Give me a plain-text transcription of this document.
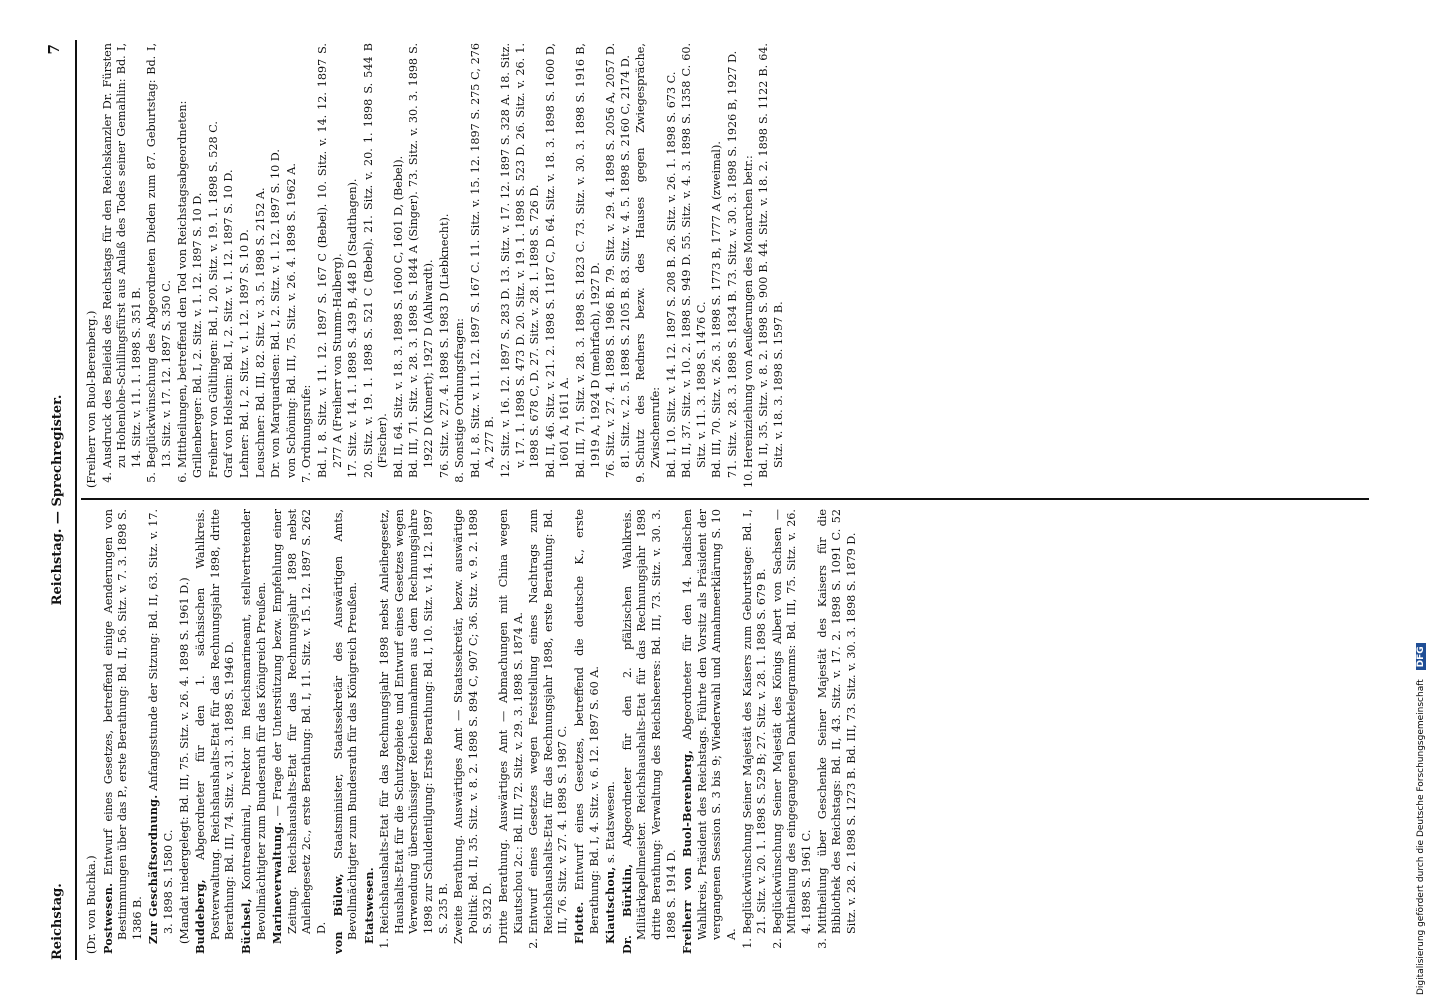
Reichstag.
Reichstag. — Sprechregister.
7
(Dr. von Buchka.) Postwesen. Entwurf eines Gesetzes, betreffend einige Aenderungen von Bestimmungen über das P., erste Berathung: Bd. II, 56. Sitz. v. 7. 3. 1898 S. 1386 B. Zur Geschäftsordnung. Anfangsstunde der Sitzung: Bd. II, 63. Sitz. v. 17. 3. 1898 S. 1580 C. (Mandat niedergelegt: Bd. III, 75. Sitz. v. 26. 4. 1898 S. 1961 D.) Buddeberg, Abgeordneter für den 1. sächsischen Wahlkreis. Postverwaltung. Reichshaushalts-Etat für das Rechnungsjahr 1898, dritte Berathung: Bd. III, 74. Sitz. v. 31. 3. 1898 S. 1946 D. Büchsel, Kontreadmiral, Direktor im Reichsmarineamt, stellvertretender Bevollmächtigter zum Bundesrath für das Königreich Preußen. Marineverwaltung. — Frage der Unterstützung bezw. Empfehlung einer Zeitung. Reichshaushalts-Etat für das Rechnungsjahr 1898 nebst Anleihegesetz 2c., erste Berathung: Bd. I, 11. Sitz. v. 15. 12. 1897 S. 262 D. von Bülow, Staatsminister, Staatssekretär des Auswärtigen Amts, Bevollmächtigter zum Bundesrath für das Königreich Preußen. Etatswesen. 1.
Reichshaushalts-Etat für das Rechnungsjahr 1898 nebst Anleihegesetz, Haushalts-Etat für die Schutzgebiete und Entwurf eines Gesetzes wegen Verwendung überschüssiger Reichseinnahmen aus dem Rechnungsjahre 1898 zur Schuldentilgung: Erste Berathung: Bd. I, 10. Sitz. v. 14. 12. 1897 S. 235 B. Zweite Berathung. Auswärtiges Amt — Staatssekretär, bezw. auswärtige Politik: Bd. II, 35. Sitz. v. 8. 2. 1898 S. 894 C, 907 C; 36. Sitz. v. 9. 2. 1898 S. 932 D. Dritte Berathung. Auswärtiges Amt — Abmachungen mit China wegen Kiautschou 2c.: Bd. III, 72. Sitz. v. 29. 3. 1898 S. 1874 A.
2.
Entwurf eines Gesetzes wegen Feststellung eines Nachtrags zum Reichshaushalts-Etat für das Rechnungsjahr 1898, erste Berathung: Bd. III, 76. Sitz. v. 27. 4. 1898 S. 1987 C. Flotte. Entwurf eines Gesetzes, betreffend die deutsche K., erste Berathung: Bd. I, 4. Sitz. v. 6. 12. 1897 S. 60 A. Kiautschou, s. Etatswesen.
Dr. Bürklin, Abgeordneter für den 2. pfälzischen Wahlkreis. Militärkapellmeister. Reichshaushalts-Etat für das Rechnungsjahr 1898 dritte Berathung: Verwaltung des Reichsheeres: Bd. III, 73. Sitz. v. 30. 3. 1898 S. 1914 D. Freiherr von Buol-Berenberg, Abgeordneter für den 14. badischen Wahlkreis, Präsident des Reichstags. Führte den Vorsitz als Präsident der vergangenen Session S. 3 bis 9; Wiederwahl und Annahmeerklärung S. 10 A.
1.
Beglückwünschung Seiner Majestät des Kaisers zum Geburtstage: Bd. I, 21. Sitz. v. 20. 1. 1898 S. 529 B; 27. Sitz. v. 28. 1. 1898 S. 679 B.
2.
Beglückwünschung Seiner Majestät des Königs Albert von Sachsen — Mittheilung des eingegangenen Danktelegramms: Bd. III, 75. Sitz. v. 26. 4. 1898 S. 1961 C.
3.
Mittheilung über Geschenke Seiner Majestät des Kaisers für die Bibliothek des Reichstags: Bd. II, 43. Sitz. v. 17. 2. 1898 S. 1091 C. 52 Sitz. v. 28. 2. 1898 S. 1273 B. Bd. III, 73. Sitz. v. 30. 3. 1898 S. 1879 D.
(Freiherr von Buol-Berenberg.) 4.
Ausdruck des Beileids des Reichstags für den Reichskanzler Dr. Fürsten zu Hohenlohe-Schillingsfürst aus Anlaß des Todes seiner Gemahlin: Bd. I, 14. Sitz. v. 11. 1. 1898 S. 351 B.
5.
Beglückwünschung des Abgeordneten Dieden zum 87. Geburtstag: Bd. I, 13. Sitz. v. 17. 12. 1897 S. 350 C.
6.
Mittheilungen, betreffend den Tod von Reichstagsabgeordneten: Grillenberger: Bd. I, 2. Sitz. v. 1. 12. 1897 S. 10 D. Freiherr von Gültlingen: Bd. I, 20. Sitz. v. 19. 1. 1898 S. 528 C. Graf von Holstein: Bd. I, 2. Sitz. v. 1. 12. 1897 S. 10 D. Lehner: Bd. I, 2. Sitz. v. 1. 12. 1897 S. 10 D. Leuschner: Bd. III, 82. Sitz. v. 3. 5. 1898 S. 2152 A. Dr. von Marquardsen: Bd. I, 2. Sitz. v. 1. 12. 1897 S. 10 D. von Schöning: Bd. III, 75. Sitz. v. 26. 4. 1898 S. 1962 A. 7.
Ordnungsrufe: Bd. I, 8. Sitz. v. 11. 12. 1897 S. 167 C (Bebel). 10. Sitz. v. 14. 12. 1897 S. 277 A (Freiherr von Stumm-Halberg). 17. Sitz. v. 14. 1. 1898 S. 439 B, 448 D (Stadthagen). 20. Sitz. v. 19. 1. 1898 S. 521 C (Bebel). 21. Sitz. v. 20. 1. 1898 S. 544 B (Fischer). Bd. II, 64. Sitz. v. 18. 3. 1898 S. 1600 C, 1601 D, (Bebel). Bd. III, 71. Sitz. v. 28. 3. 1898 S. 1844 A (Singer). 73. Sitz. v. 30. 3. 1898 S. 1922 D (Kunert); 1927 D (Ahlwardt). 76. Sitz. v. 27. 4. 1898 S. 1983 D (Liebknecht). 8.
Sonstige Ordnungsfragen: Bd. I, 8. Sitz. v. 11. 12. 1897 S. 167 C. 11. Sitz. v. 15. 12. 1897 S. 275 C, 276 A, 277 B. 12. Sitz. v. 16. 12. 1897 S. 283 D. 13. Sitz. v. 17. 12. 1897 S. 328 A. 18. Sitz. v. 17. 1. 1898 S. 473 D. 20. Sitz. v. 19. 1. 1898 S. 523 D. 26. Sitz. v. 26. 1. 1898 S. 678 C, D. 27. Sitz. v. 28. 1. 1898 S. 726 D. Bd. II, 46. Sitz. v. 21. 2. 1898 S. 1187 C, D. 64. Sitz. v. 18. 3. 1898 S. 1600 D, 1601 A, 1611 A. Bd. III, 71. Sitz. v. 28. 3. 1898 S. 1823 C. 73. Sitz. v. 30. 3. 1898 S. 1916 B, 1919 A, 1924 D (mehrfach), 1927 D. 76. Sitz. v. 27. 4. 1898 S. 1986 B. 79. Sitz. v. 29. 4. 1898 S. 2056 A, 2057 D. 81. Sitz. v. 2. 5. 1898 S. 2105 B. 83. Sitz. v. 4. 5. 1898 S. 2160 C, 2174 D.
9.
Schutz des Redners bezw. des Hauses gegen Zwiegespräche, Zwischenrufe: Bd. I, 10. Sitz. v. 14. 12. 1897 S. 208 B. 26. Sitz. v. 26. 1. 1898 S. 673 C. Bd. II, 37. Sitz. v. 10. 2. 1898 S. 949 D. 55. Sitz. v. 4. 3. 1898 S. 1358 C. 60. Sitz. v. 11. 3. 1898 S. 1476 C. Bd. III, 70. Sitz. v. 26. 3. 1898 S. 1773 B, 1777 A (zweimal). 71. Sitz. v. 28. 3. 1898 S. 1834 B. 73. Sitz. v. 30. 3. 1898 S. 1926 B, 1927 D.
10.
Hereinziehung von Aeußerungen des Monarchen betr.: Bd. II, 35. Sitz. v. 8. 2. 1898 S. 900 B. 44. Sitz. v. 18. 2. 1898 S. 1122 B. 64. Sitz. v. 18. 3. 1898 S. 1597 B.
Digitalisierung gefördert durch die Deutsche Forschungsgemeinschaft DFG
